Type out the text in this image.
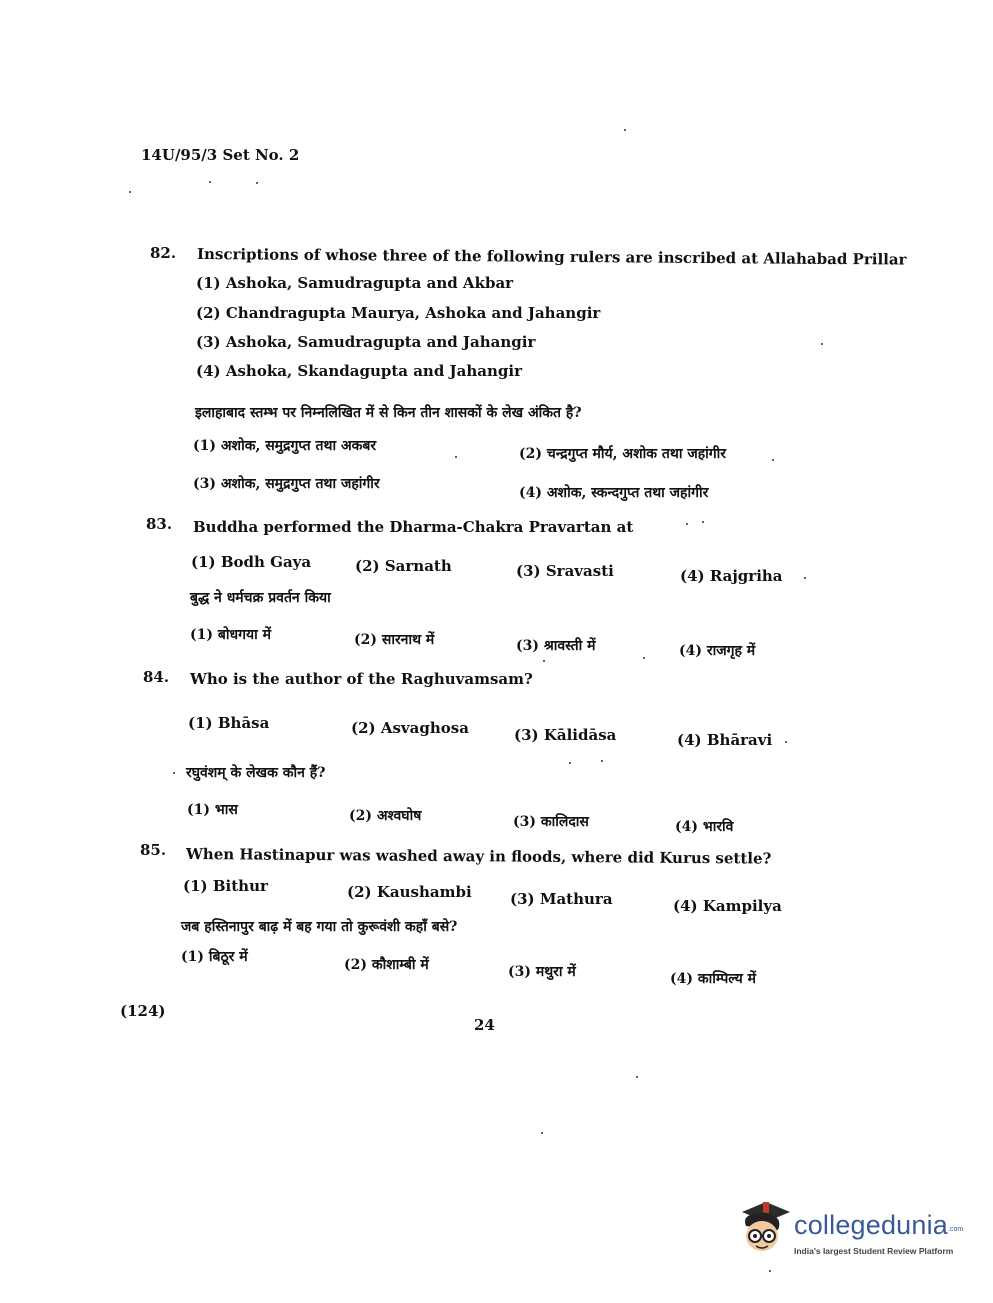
14U/95/3 Set No. 2
82. Inscriptions of whose three of the following rulers are inscribed at Allahabad Prillar
(1) Ashoka, Samudragupta and Akbar
(2) Chandragupta Maurya, Ashoka and Jahangir
(3) Ashoka, Samudragupta and Jahangir
(4) Ashoka, Skandagupta and Jahangir
इलाहाबाद स्तम्भ पर निम्नलिखित में से किन तीन शासकों के लेख अंकित है?
(1) अशोक, समुद्रगुप्त तथा अकबर	(2) चन्द्रगुप्त मौर्य, अशोक तथा जहांगीर
(3) अशोक, समुद्रगुप्त तथा जहांगीर
(4) अशोक, स्कन्दगुप्त तथा जहांगीर
83. Buddha performed the Dharma-Chakra Pravartan at
(1) Bodh Gaya	(2) Sarnath	(3) Sravasti	(4) Rajgriha
बुद्ध ने धर्मचक्र प्रवर्तन किया
(1) बोधगया में	(2) सारनाथ में	(3) श्रावस्ती में	(4) राजगृह में
84. Who is the author of the Raghuvamsam?
(1) Bhāsa	(2) Asvaghosa	(3) Kālidāsa	(4) Bhāravi
रघुवंशम् के लेखक कौन हैं?
(1) भास	(2) अश्वघोष	(3) कालिदास	(4) भारवि
85. When Hastinapur was washed away in floods, where did Kurus settle?
(1) Bithur	(2) Kaushambi	(3) Mathura	(4) Kampilya
जब हस्तिनापुर बाढ़ में बह गया तो कुरूवंशी कहाँ बसे?
(1) बिठूर में	(2) कौशाम्बी में	(3) मथुरा में	(4) काम्पिल्य में
(124)
24
collegedunia .com
India's largest Student Review Platform
